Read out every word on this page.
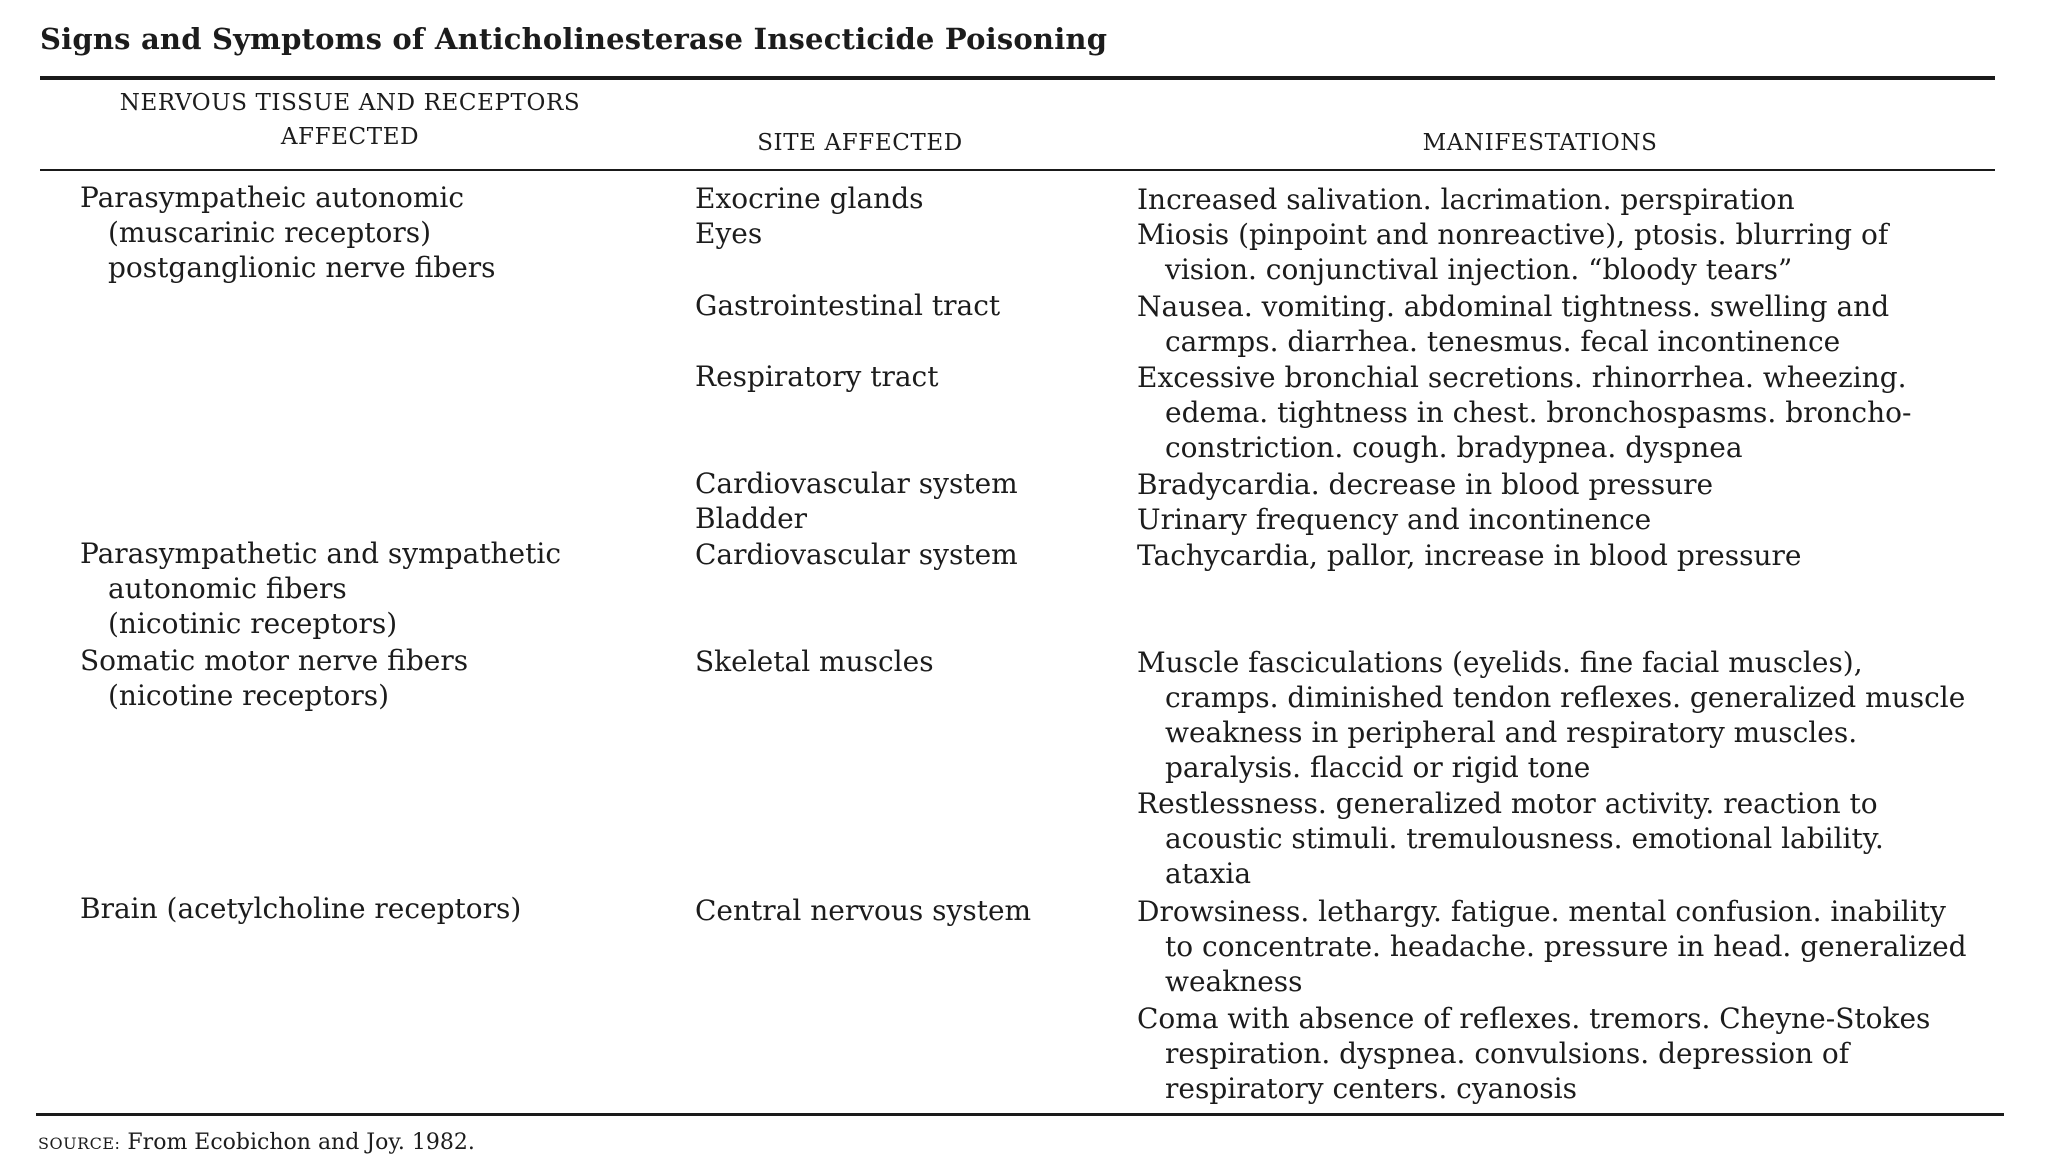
Signs and Symptoms of Anticholinesterase Insecticide Poisoning
NERVOUS TISSUE AND RECEPTORS
AFFECTED	SITE AFFECTED	MANIFESTATIONS
Parasympatheic autonomic
(muscarinic receptors)
postganglionic nerve fibers
Parasympathetic and sympathetic
autonomic fibers
(nicotinic receptors)
Somatic motor nerve fibers
(nicotine receptors)
Brain (acetylcholine receptors)
Exocrine glands
Eyes
Gastrointestinal tract
Respiratory tract
Cardiovascular system
Bladder
Cardiovascular system
Skeletal muscles
Central nervous system
Increased salivation. lacrimation. perspiration
Miosis (pinpoint and nonreactive), ptosis. blurring of
vision. conjunctival injection. “bloody tears”
Nausea. vomiting. abdominal tightness. swelling and
carmps. diarrhea. tenesmus. fecal incontinence
Excessive bronchial secretions. rhinorrhea. wheezing.
edema. tightness in chest. bronchospasms. broncho-
constriction. cough. bradypnea. dyspnea
Bradycardia. decrease in blood pressure
Urinary frequency and incontinence
Tachycardia, pallor, increase in blood pressure
Muscle fasciculations (eyelids. fine facial muscles),
cramps. diminished tendon reflexes. generalized muscle
weakness in peripheral and respiratory muscles.
paralysis. flaccid or rigid tone
Restlessness. generalized motor activity. reaction to
acoustic stimuli. tremulousness. emotional lability.
ataxia
Drowsiness. lethargy. fatigue. mental confusion. inability
to concentrate. headache. pressure in head. generalized
weakness
Coma with absence of reflexes. tremors. Cheyne-Stokes
respiration. dyspnea. convulsions. depression of
respiratory centers. cyanosis
SOURCE: From Ecobichon and Joy. 1982.
